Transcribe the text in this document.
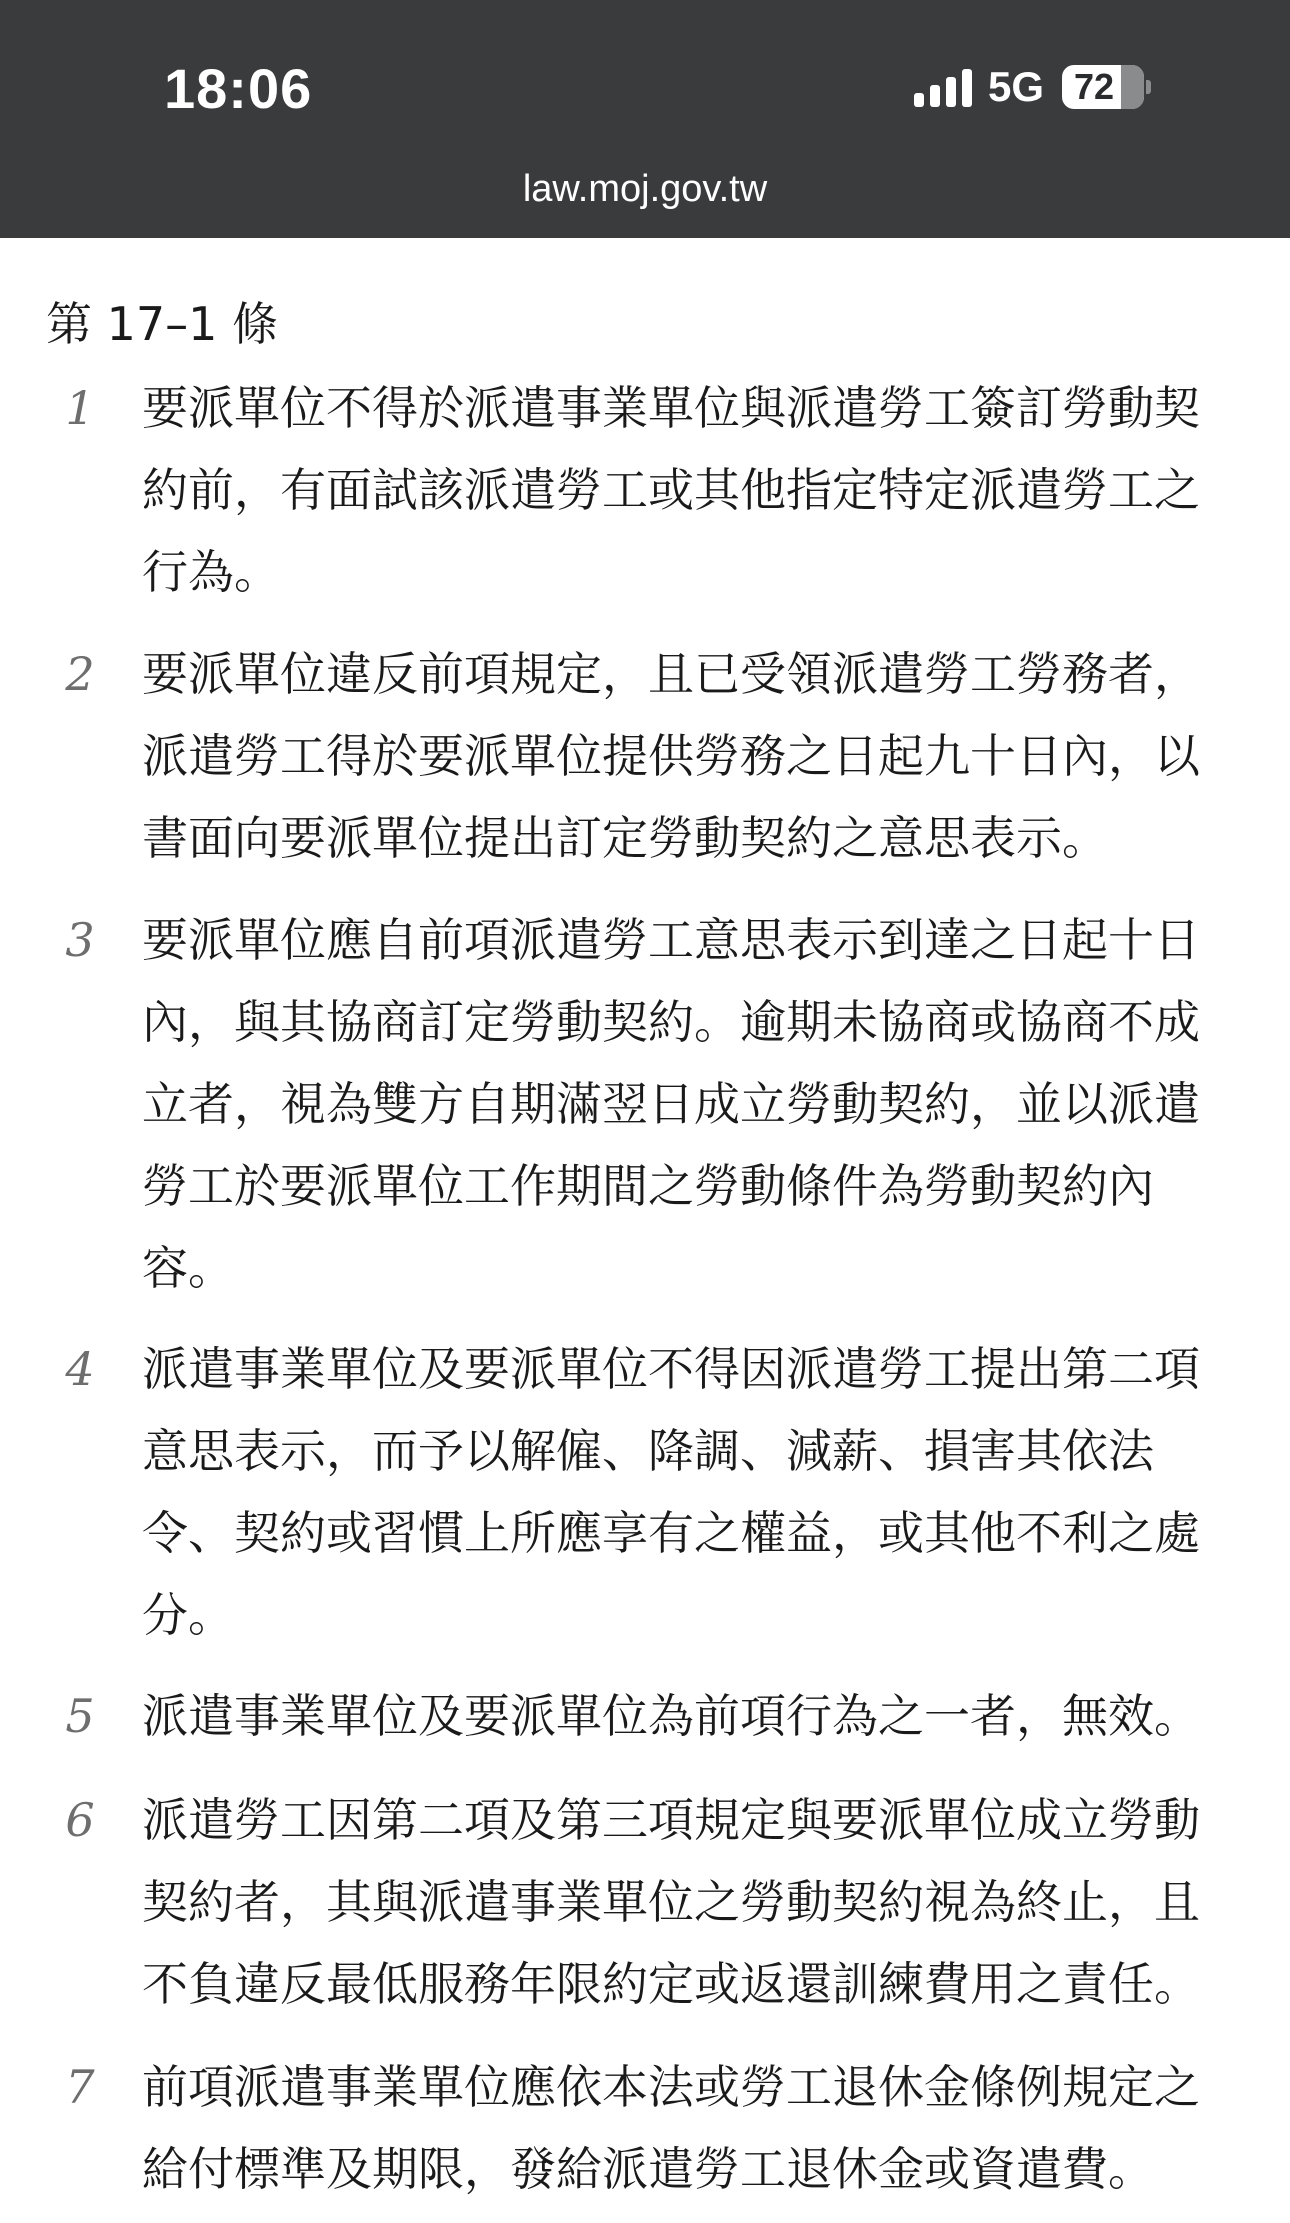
18:06	5G 72
law.moj.gov.tw
第 17–1 條
1 要派單位不得於派遣事業單位與派遣勞工簽訂勞動契
約前，有面試該派遣勞工或其他指定特定派遣勞工之
行為。
2 要派單位違反前項規定，且已受領派遣勞工勞務者，
派遣勞工得於要派單位提供勞務之日起九十日內，以
書面向要派單位提出訂定勞動契約之意思表示。
3 要派單位應自前項派遣勞工意思表示到達之日起十日
內，與其協商訂定勞動契約。逾期未協商或協商不成
立者，視為雙方自期滿翌日成立勞動契約，並以派遣
勞工於要派單位工作期間之勞動條件為勞動契約內
容。
4 派遣事業單位及要派單位不得因派遣勞工提出第二項
意思表示，而予以解僱、降調、減薪、損害其依法
令、契約或習慣上所應享有之權益，或其他不利之處
分。
5 派遣事業單位及要派單位為前項行為之一者，無效。
6 派遣勞工因第二項及第三項規定與要派單位成立勞動
契約者，其與派遣事業單位之勞動契約視為終止，且
不負違反最低服務年限約定或返還訓練費用之責任。
7 前項派遣事業單位應依本法或勞工退休金條例規定之
給付標準及期限，發給派遣勞工退休金或資遣費。
